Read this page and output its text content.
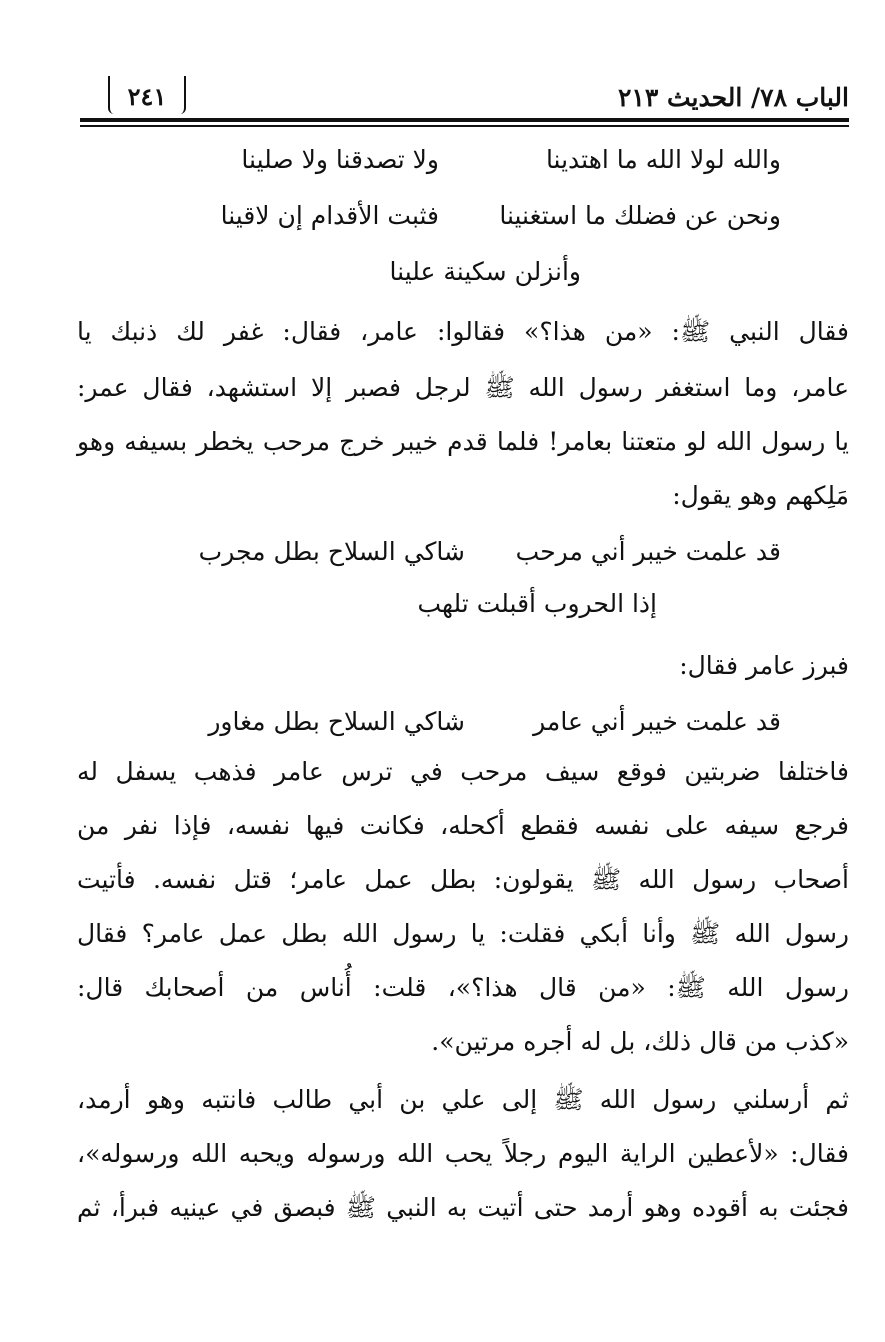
الباب ٧٨/ الحديث ٢١٣
٢٤١
والله لولا الله ما اهتدينا
ولا تصدقنا ولا صلينا
ونحن عن فضلك ما استغنينا
فثبت الأقدام إن لاقينا
وأنزلن سكينة علينا
فقال النبي ﷺ: «من هذا؟» فقالوا: عامر، فقال: غفر لك ذنبك يا
عامر، وما استغفر رسول الله ﷺ لرجل فصبر إلا استشهد، فقال عمر:
يا رسول الله لو متعتنا بعامر! فلما قدم خيبر خرج مرحب يخطر بسيفه وهو
مَلِكهم وهو يقول:
قد علمت خيبر أني مرحب
شاكي السلاح بطل مجرب
إذا الحروب أقبلت تلهب
فبرز عامر فقال:
قد علمت خيبر أني عامر
شاكي السلاح بطل مغاور
فاختلفا ضربتين فوقع سيف مرحب في ترس عامر فذهب يسفل له
فرجع سيفه على نفسه فقطع أكحله، فكانت فيها نفسه، فإذا نفر من
أصحاب رسول الله ﷺ يقولون: بطل عمل عامر؛ قتل نفسه. فأتيت
رسول الله ﷺ وأنا أبكي فقلت: يا رسول الله بطل عمل عامر؟ فقال
رسول الله ﷺ: «من قال هذا؟»، قلت: أُناس من أصحابك قال:
«كذب من قال ذلك، بل له أجره مرتين».
ثم أرسلني رسول الله ﷺ إلى علي بن أبي طالب فانتبه وهو أرمد،
فقال: «لأعطين الراية اليوم رجلاً يحب الله ورسوله ويحبه الله ورسوله»،
فجئت به أقوده وهو أرمد حتى أتيت به النبي ﷺ فبصق في عينيه فبرأ، ثم
